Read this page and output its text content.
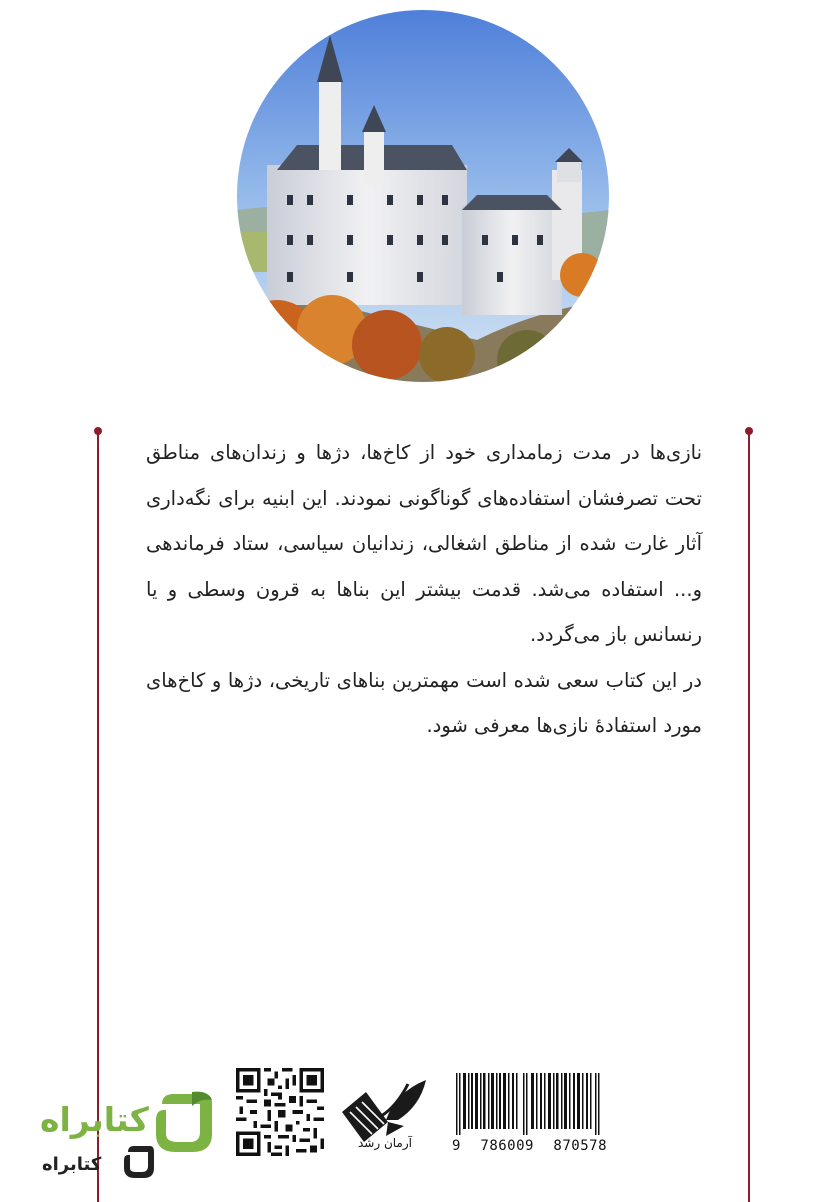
نازی‌ها در مدت زمامداری خود از کاخ‌ها، دژها و زندان‌های مناطق تحت تصرفشان استفاده‌های گوناگونی نمودند. این ابنیه برای نگه‌داری آثار غارت شده از مناطق اشغالی، زندانیان سیاسی، ستاد فرماندهی و... استفاده می‌شد. قدمت بیشتر این بناها به قرون وسطی و یا رنسانس باز می‌گردد.

در این کتاب سعی شده است مهمترین بناهای تاریخی، دژها و کاخ‌های مورد استفادهٔ نازی‌ها معرفی شود.

کتابراه
کتابراه
آرمان رشد	9 786009 870578
